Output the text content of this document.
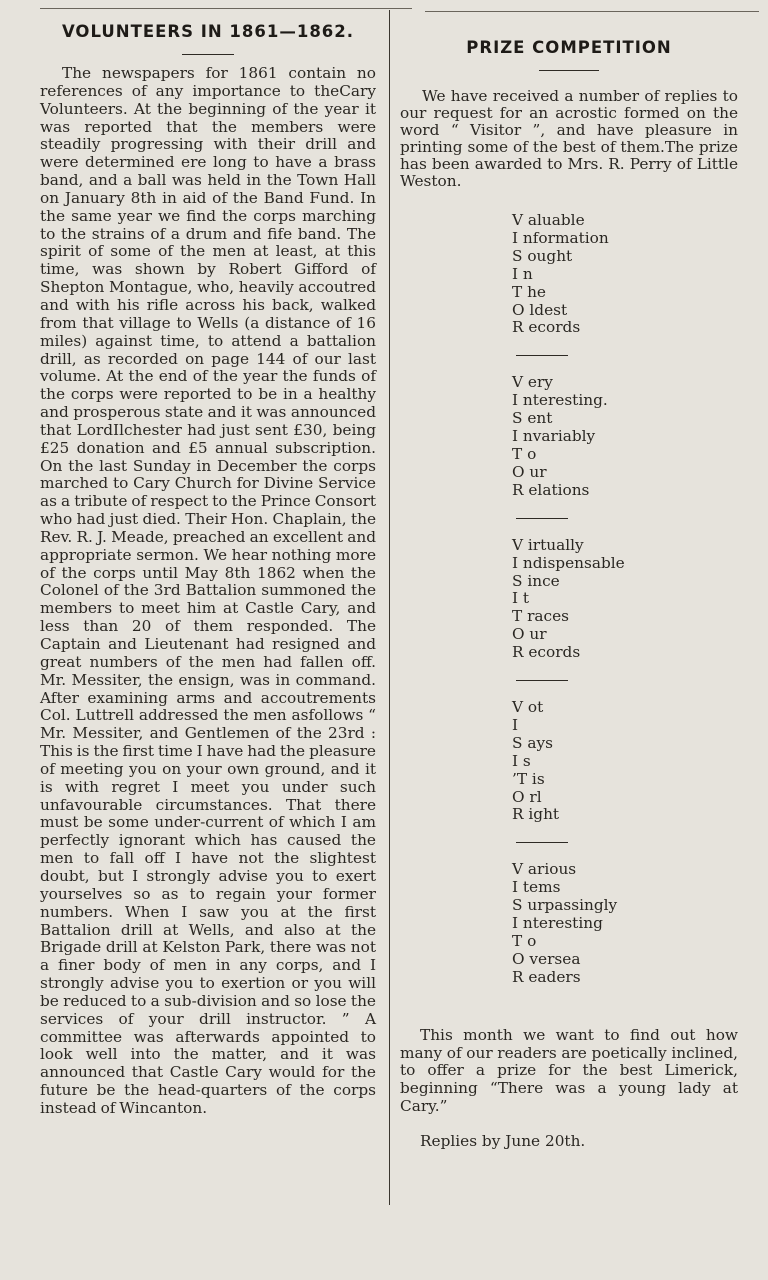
VOLUNTEERS IN 1861—1862.

The newspapers for 1861 contain no references of any importance to theCary Volunteers. At the beginning of the year it was reported that the members were steadily progressing with their drill and were determined ere long to have a brass band, and a ball was held in the Town Hall on January 8th in aid of the Band Fund. In the same year we find the corps marching to the strains of a drum and fife band. The spirit of some of the men at least, at this time, was shown by Robert Gifford of Shepton Montague, who, heavily accoutred and with his rifle across his back, walked from that village to Wells (a distance of 16 miles) against time, to attend a battalion drill, as recorded on page 144 of our last volume. At the end of the year the funds of the corps were reported to be in a healthy and prosperous state and it was announced that LordIlchester had just sent £30, being £25 donation and £5 annual subscription. On the last Sunday in December the corps marched to Cary Church for Divine Service as a tribute of respect to the Prince Consort who had just died. Their Hon. Chaplain, the Rev. R. J. Meade, preached an excellent and appropriate sermon. We hear nothing more of the corps until May 8th 1862 when the Colonel of the 3rd Battalion summoned the members to meet him at Castle Cary, and less than 20 of them responded. The Captain and Lieutenant had resigned and great numbers of the men had fallen off. Mr. Messiter, the ensign, was in command. After examining arms and accoutrements Col. Luttrell addressed the men asfollows “ Mr. Messiter, and Gentlemen of the 23rd : This is the first time I have had the pleasure of meeting you on your own ground, and it is with regret I meet you under such unfavourable circumstances. That there must be some under-current of which I am perfectly ignorant which has caused the men to fall off I have not the slightest doubt, but I strongly advise you to exert yourselves so as to regain your former numbers. When I saw you at the first Battalion drill at Wells, and also at the Brigade drill at Kelston Park, there was not a finer body of men in any corps, and I strongly advise you to exertion or you will be reduced to a sub-division and so lose the services of your drill instructor. ” A committee was afterwards appointed to look well into the matter, and it was announced that Castle Cary would for the future be the head-quarters of the corps instead of Wincanton.

PRIZE COMPETITION
We have received a number of replies to our request for an acrostic formed on the word “ Visitor ”, and have pleasure in printing some of the best of them.The prize has been awarded to Mrs. R. Perry of Little Weston.
V aluable
I nformation
S ought
I n
T he
O ldest
R ecords
V ery
I nteresting.
S ent
I nvariably
T o
O ur
R elations
V irtually
I ndispensable
S ince
I t
T races
O ur
R ecords
V ot
I
S ays
I s
’T is
O rl
R ight
V arious
I tems
S urpassingly
I nteresting
T o
O versea
R eaders
This month we want to find out how many of our readers are poetically inclined, to offer a prize for the best Limerick, beginning “There was a young lady at Cary.”
Replies by June 20th.
